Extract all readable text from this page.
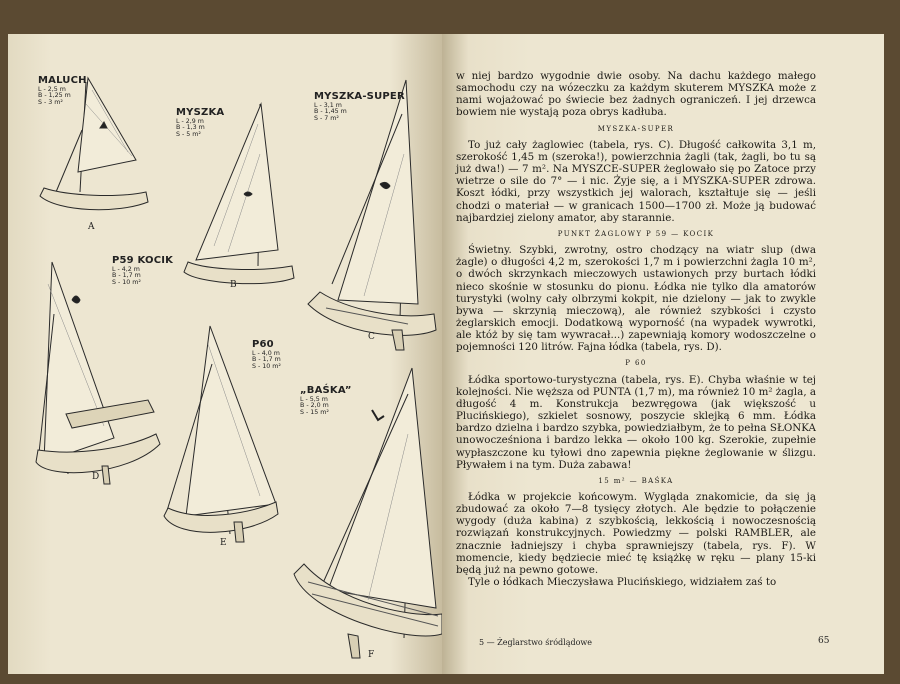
MALUCH
L - 2,5 m
B - 1,25 m
S - 3 m²
MYSZKA
L - 2,9 m
B - 1,3 m
S - 5 m²
MYSZKA-SUPER
L - 3,1 m
B - 1,45 m
S - 7 m²
P59 KOCIK
L - 4,2 m
B - 1,7 m
S - 10 m²
P60
L - 4,0 m
B - 1,7 m
S - 10 m²
„BAŚKA”
L - 5,5 m
B - 2,0 m
S - 15 m²
A
B
C
D
E
F

w niej bardzo wygodnie dwie osoby. Na dachu każdego małego samochodu czy na wózeczku za każdym skuterem MYSZKA może z nami wojażować po świecie bez żadnych ograniczeń. I jej drzewca bowiem nie wystają poza obrys kadłuba.

MYSZKA-SUPER

To już cały żaglowiec (tabela, rys. C). Długość całkowita 3,1 m, szerokość 1,45 m (szeroka!), powierzchnia żagli (tak, żagli, bo tu są już dwa!) — 7 m². Na MYSZCE-SUPER żeglowało się po Zatoce przy wietrze o sile do 7° — i nic. Żyje się, a i MYSZKA-SUPER zdrowa. Koszt łódki, przy wszystkich jej walorach, kształtuje się — jeśli chodzi o materiał — w granicach 1500—1700 zł. Może ją budować najbardziej zielony amator, aby starannie.

PUNKT ŻAGLOWY P 59 — KOCIK

Świetny. Szybki, zwrotny, ostro chodzący na wiatr slup (dwa żagle) o długości 4,2 m, szerokości 1,7 m i powierzchni żagla 10 m², o dwóch skrzynkach mieczowych ustawionych przy burtach łódki nieco skośnie w stosunku do pionu. Łódka nie tylko dla amatorów turystyki (wolny cały olbrzymi kokpit, nie dzielony — jak to zwykle bywa — skrzynią mieczową), ale również szybkości i czysto żeglarskich emocji. Dodatkową wyporność (na wypadek wywrotki, ale któż by się tam wywracał...) zapewniają komory wodoszczelne o pojemności 120 litrów. Fajna łódka (tabela, rys. D).

P 60

Łódka sportowo-turystyczna (tabela, rys. E). Chyba właśnie w tej kolejności. Nie węższa od PUNTA (1,7 m), ma również 10 m² żagla, a długość 4 m. Konstrukcja bezwręgowa (jak większość u Plucińskiego), szkielet sosnowy, poszycie sklejką 6 mm. Łódka bardzo dzielna i bardzo szybka, powiedziałbym, że to pełna SŁONKA unowocześniona i bardzo lekka — około 100 kg. Szerokie, zupełnie wypłaszczone ku tyłowi dno zapewnia piękne żeglowanie w ślizgu. Pływałem i na tym. Duża zabawa!

15 m² — BAŚKA

Łódka w projekcie końcowym. Wygląda znakomicie, da się ją zbudować za około 7—8 tysięcy złotych. Ale będzie to połączenie wygody (duża kabina) z szybkością, lekkością i nowoczesnością rozwiązań konstrukcyjnych. Powiedzmy — polski RAMBLER, ale znacznie ładniejszy i chyba sprawniejszy (tabela, rys. F). W momencie, kiedy będziecie mieć tę książkę w ręku — plany 15-ki będą już na pewno gotowe.

Tyle o łódkach Mieczysława Plucińskiego, widziałem zaś to

5 — Żeglarstwo śródlądowe	65
